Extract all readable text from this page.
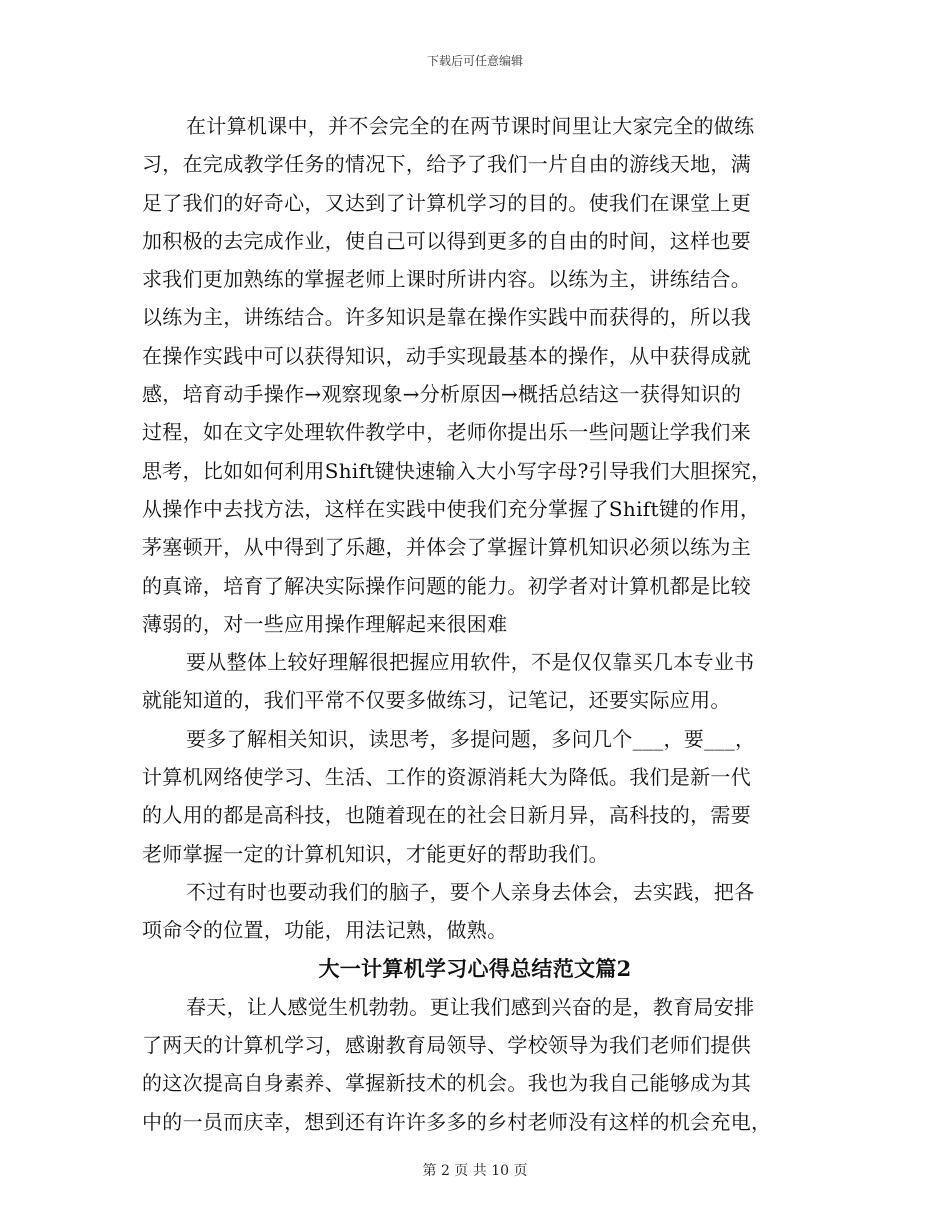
下载后可任意编辑
在计算机课中，并不会完全的在两节课时间里让大家完全的做练
习，在完成教学任务的情况下，给予了我们一片自由的游线天地，满
足了我们的好奇心，又达到了计算机学习的目的。使我们在课堂上更
加积极的去完成作业，使自己可以得到更多的自由的时间，这样也要
求我们更加熟练的掌握老师上课时所讲内容。以练为主，讲练结合。
以练为主，讲练结合。许多知识是靠在操作实践中而获得的，所以我
在操作实践中可以获得知识，动手实现最基本的操作，从中获得成就
感，培育动手操作→观察现象→分析原因→概括总结这一获得知识的
过程，如在文字处理软件教学中，老师你提出乐一些问题让学我们来
思考，比如如何利用Shift键快速输入大小写字母?引导我们大胆探究，
从操作中去找方法，这样在实践中使我们充分掌握了Shift键的作用，
茅塞顿开，从中得到了乐趣，并体会了掌握计算机知识必须以练为主
的真谛，培育了解决实际操作问题的能力。初学者对计算机都是比较
薄弱的，对一些应用操作理解起来很困难
要从整体上较好理解很把握应用软件，不是仅仅靠买几本专业书
就能知道的，我们平常不仅要多做练习，记笔记，还要实际应用。
要多了解相关知识，读思考，多提问题，多问几个___，要___，
计算机网络使学习、生活、工作的资源消耗大为降低。我们是新一代
的人用的都是高科技，也随着现在的社会日新月异，高科技的，需要
老师掌握一定的计算机知识，才能更好的帮助我们。
不过有时也要动我们的脑子，要个人亲身去体会，去实践，把各
项命令的位置，功能，用法记熟，做熟。
大一计算机学习心得总结范文篇2
春天，让人感觉生机勃勃。更让我们感到兴奋的是，教育局安排
了两天的计算机学习，感谢教育局领导、学校领导为我们老师们提供
的这次提高自身素养、掌握新技术的机会。我也为我自己能够成为其
中的一员而庆幸，想到还有许许多多的乡村老师没有这样的机会充电，
第 2 页 共 10 页
